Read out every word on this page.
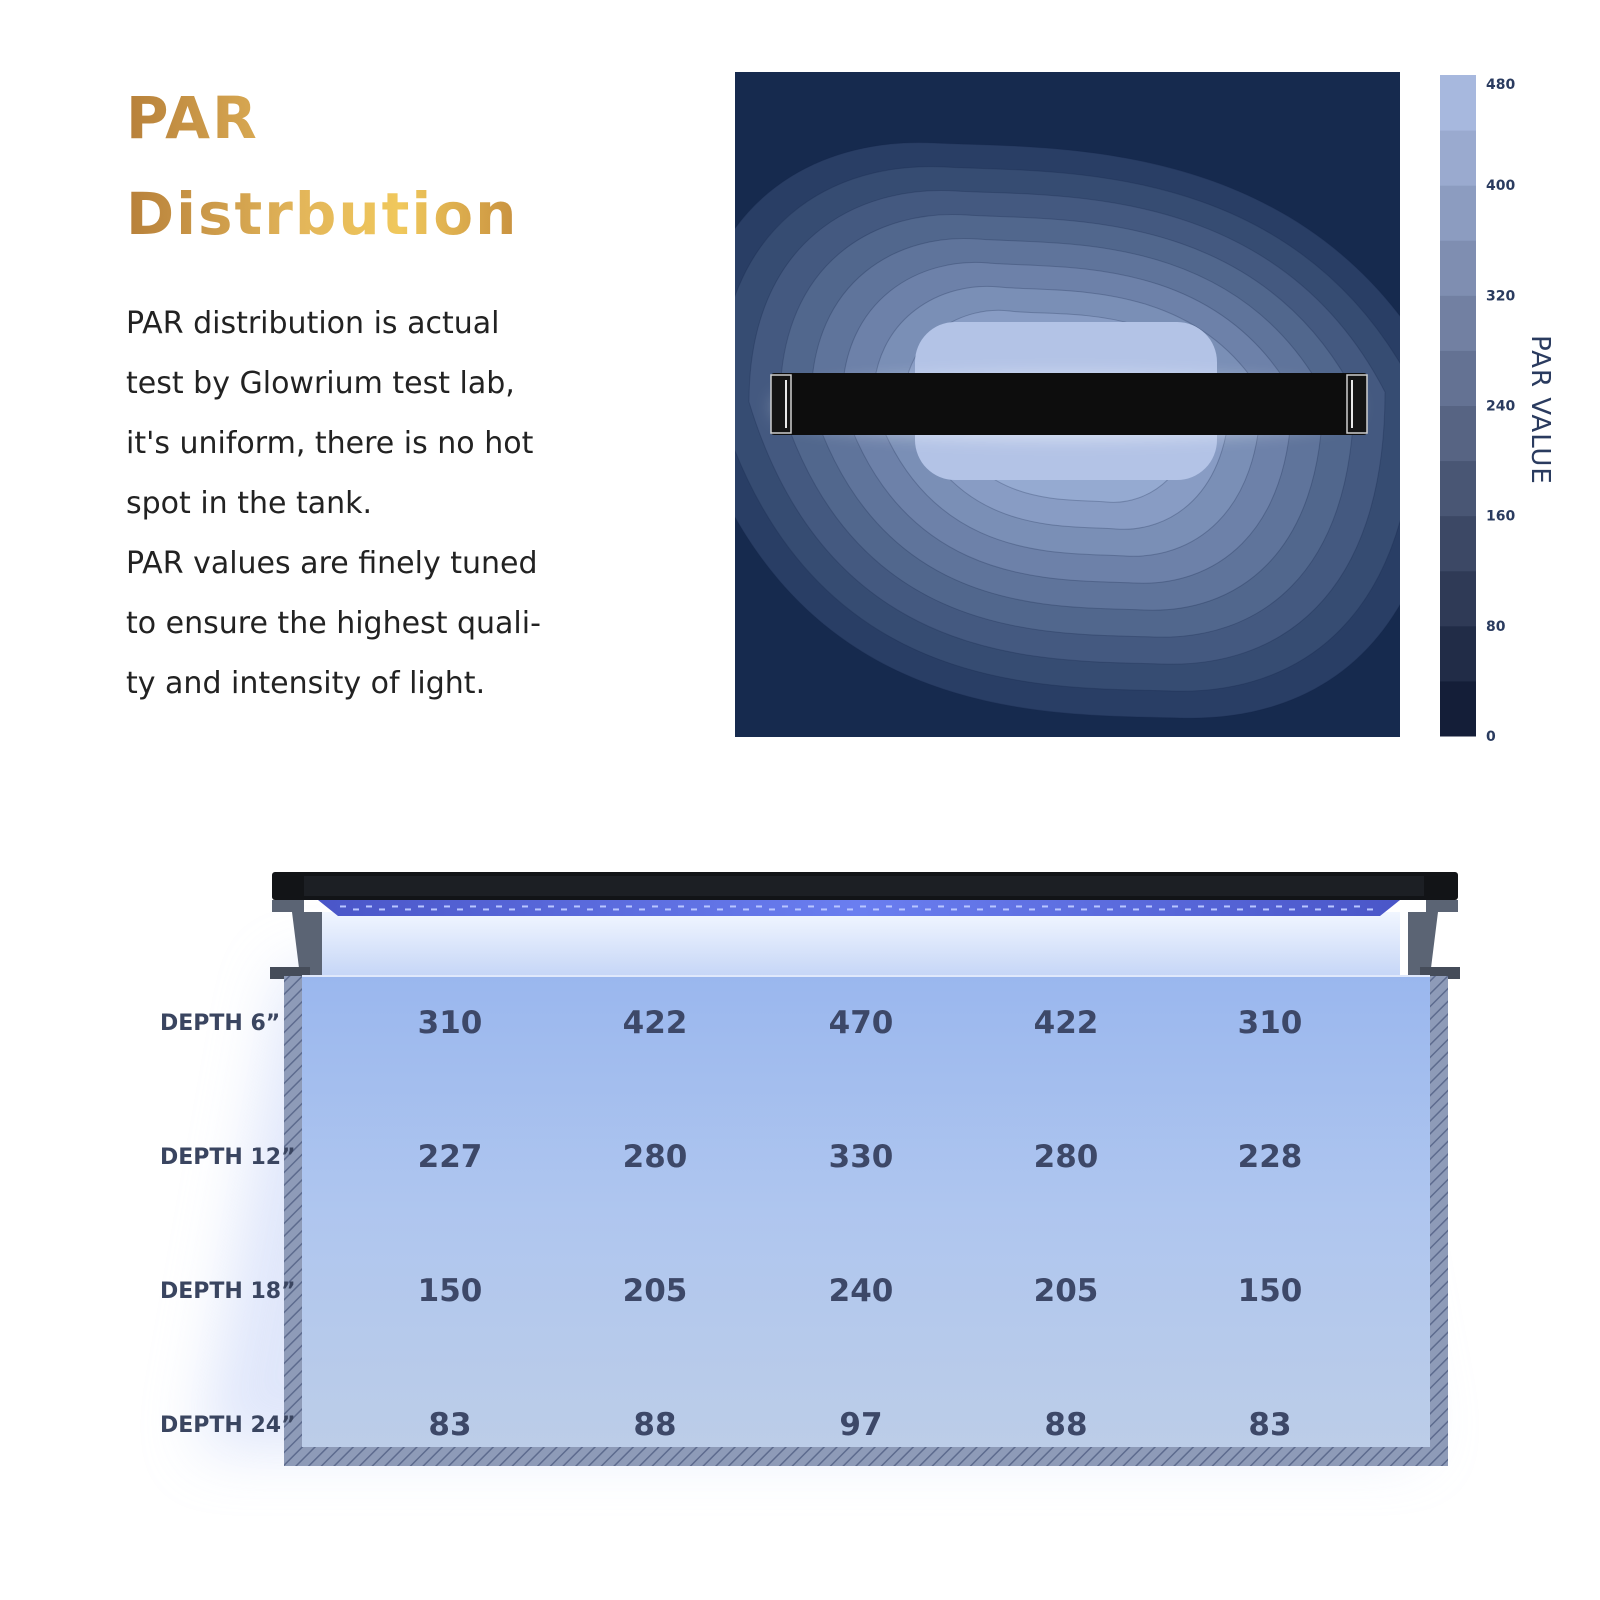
PAR
Distrbution

PAR distribution is actual

test by Glowrium test lab,

it's uniform, there is no hot

spot in the tank.

PAR values are finely tuned

to ensure the highest quali-

ty and intensity of light.

0
80
160
240
320
400
480
PAR VALUE
DEPTH 6”	310	422	470	422	310
DEPTH 12”	227	280	330	280	228
DEPTH 18”	150	205	240	205	150
DEPTH 24”	83	88	97	88	83
